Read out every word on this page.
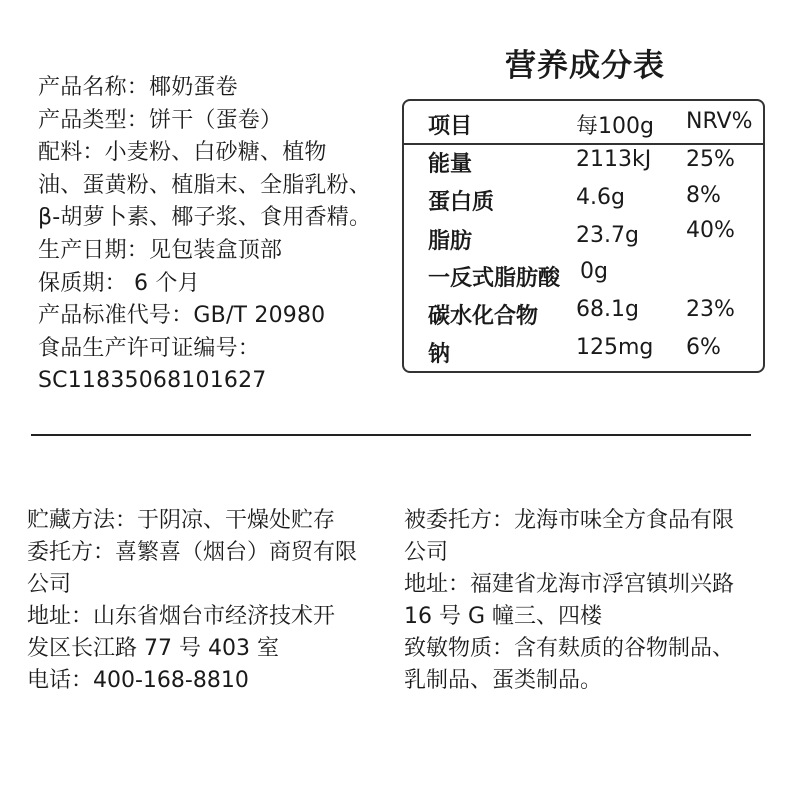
产品名称：椰奶蛋卷
产品类型：饼干（蛋卷）
配料：小麦粉、白砂糖、植物
油、蛋黄粉、植脂末、全脂乳粉、
β-胡萝卜素、椰子浆、食用香精。
生产日期：见包装盒顶部
保质期： 6 个月
产品标准代号：GB/T 20980
食品生产许可证编号：
SC11835068101627
营养成分表
项目	每100g NRV%
能量	2113kJ 25%
蛋白质	4.6g	8%
脂肪	23.7g 40%
一反式脂肪酸 0g
碳水化合物 68.1g 23%
钠	125mg 6%
贮藏方法：于阴凉、干燥处贮存
委托方：喜繁喜（烟台）商贸有限
公司
地址：山东省烟台市经济技术开
发区长江路 77 号 403 室
电话：400-168-8810
被委托方：龙海市味全方食品有限
公司
地址：福建省龙海市浮宫镇圳兴路
16 号 G 幢三、四楼
致敏物质：含有麸质的谷物制品、
乳制品、蛋类制品。
